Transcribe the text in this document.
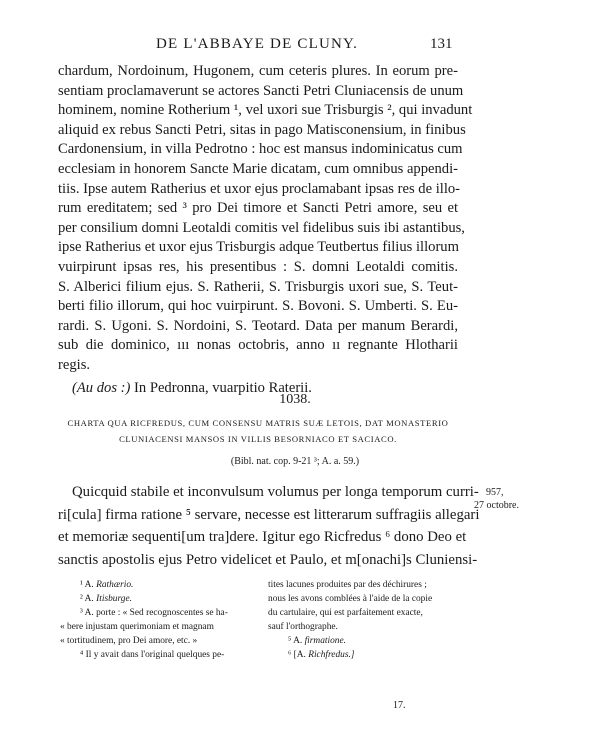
DE L'ABBAYE DE CLUNY.	131
chardum, Nordoinum, Hugonem, cum ceteris plures. In eorum pre-
sentiam proclamaverunt se actores Sancti Petri Cluniacensis de unum
hominem, nomine Rotherium ¹, vel uxori sue Trisburgis ², qui invadunt
aliquid ex rebus Sancti Petri, sitas in pago Matisconensium, in finibus
Cardonensium, in villa Pedrotno : hoc est mansus indominicatus cum
ecclesiam in honorem Sancte Marie dicatam, cum omnibus appendi-
tiis. Ipse autem Ratherius et uxor ejus proclamabant ipsas res de illo-
rum ereditatem; sed ³ pro Dei timore et Sancti Petri amore, seu et
per consilium domni Leotaldi comitis vel fidelibus suis ibi astantibus,
ipse Ratherius et uxor ejus Trisburgis adque Teutbertus filius illorum
vuirpirunt ipsas res, his presentibus : S. domni Leotaldi comitis.
S. Alberici filium ejus. S. Ratherii, S. Trisburgis uxori sue, S. Teut-
berti filio illorum, qui hoc vuirpirunt. S. Bovoni. S. Umberti. S. Eu-
rardi. S. Ugoni. S. Nordoini, S. Teotard. Data per manum Berardi,
sub die dominico, ııı nonas octobris, anno ıı regnante Hlotharii
regis.
(Au dos :) In Pedronna, vuarpitio Raterii.
1038.
CHARTA QUA RICFREDUS, CUM CONSENSU MATRIS SUÆ LETOIS, DAT MONASTERIO
CLUNIACENSI MANSOS IN VILLIS BESORNIACO ET SACIACO.
(Bibl. nat. cop. 9-21 ³; A. a. 59.)
Quicquid stabile et inconvulsum volumus per longa temporum curri-
ri[cula] firma ratione ⁵ servare, necesse est litterarum suffragiis allegari
et memoriæ sequenti[um tra]dere. Igitur ego Ricfredus ⁶ dono Deo et
sanctis apostolis ejus Petro videlicet et Paulo, et m[onachi]s Cluniensi-
957,
27 octobre.
¹ A. Rathærio.
² A. Itisburge.
³ A. porte : « Sed recognoscentes se ha-
« bere injustam querimoniam et magnam
« tortitudinem, pro Dei amore, etc. »
⁴ Il y avait dans l'original quelques pe-
tites lacunes produites par des déchirures ;
nous les avons comblées à l'aide de la copie
du cartulaire, qui est parfaitement exacte,
sauf l'orthographe.
⁵ A. firmatione.
⁶ [A. Richfredus.]
17.
